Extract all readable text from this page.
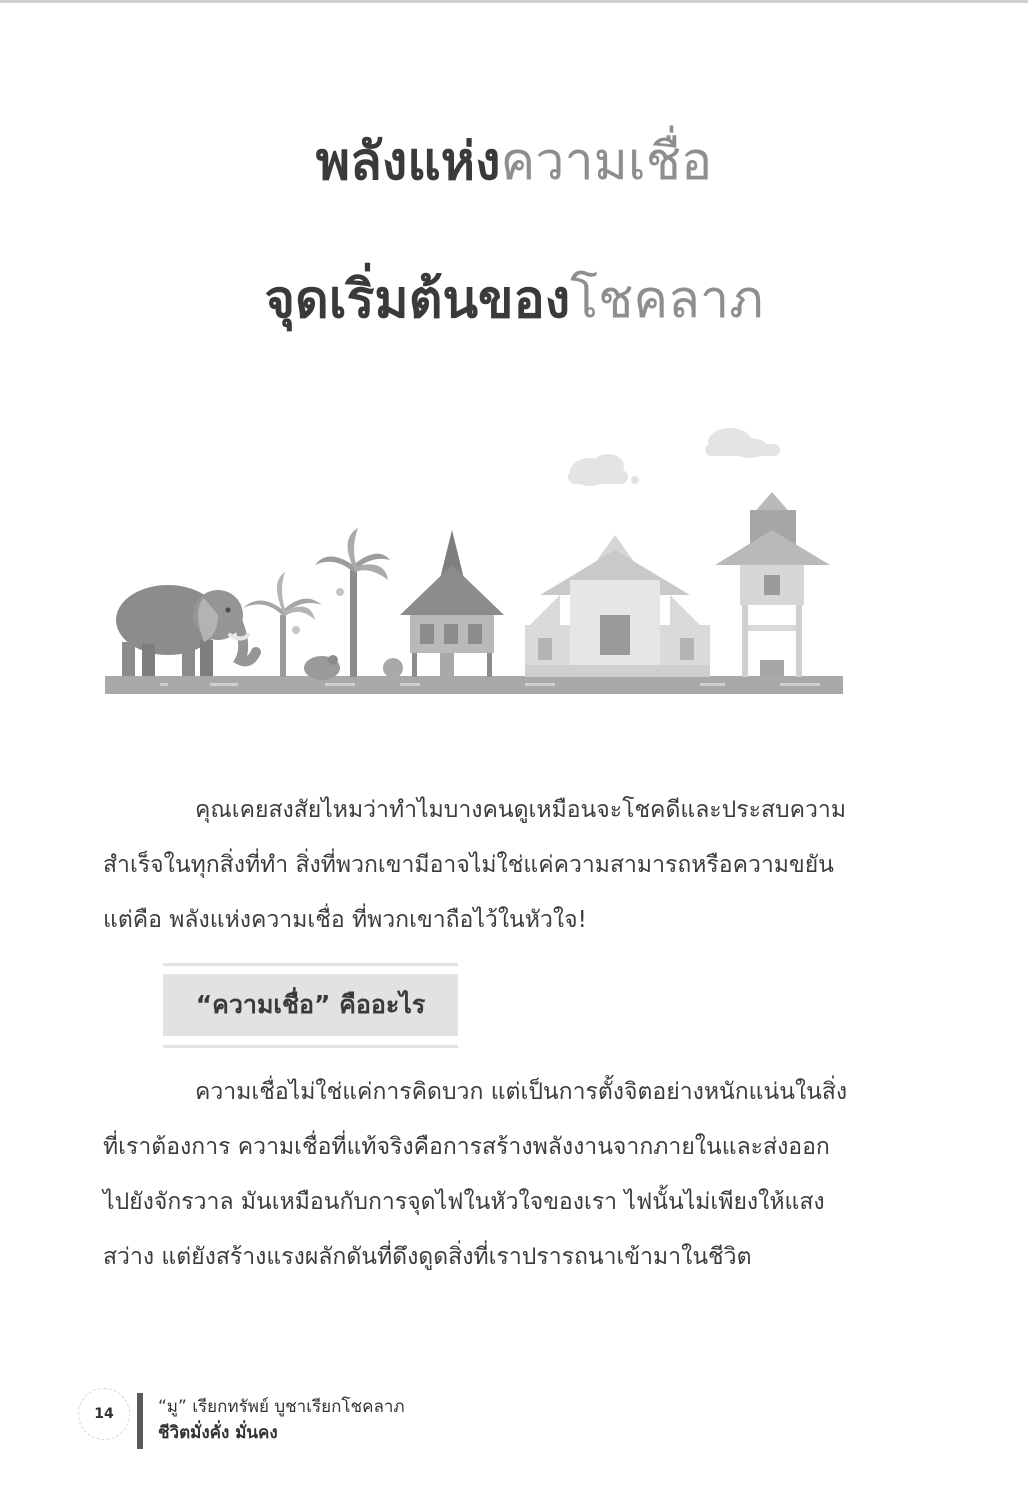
พลังแห่งความเชื่อ
จุดเริ่มต้นของโชคลาภ
คุณเคยสงสัยไหมว่าทำไมบางคนดูเหมือนจะโชคดีและประสบความสำเร็จในทุกสิ่งที่ทำ สิ่งที่พวกเขามีอาจไม่ใช่แค่ความสามารถหรือความขยัน แต่คือ พลังแห่งความเชื่อ ที่พวกเขาถือไว้ในหัวใจ!
“ความเชื่อ” คืออะไร
ความเชื่อไม่ใช่แค่การคิดบวก แต่เป็นการตั้งจิตอย่างหนักแน่นในสิ่งที่เราต้องการ ความเชื่อที่แท้จริงคือการสร้างพลังงานจากภายในและส่งออกไปยังจักรวาล มันเหมือนกับการจุดไฟในหัวใจของเรา ไฟนั้นไม่เพียงให้แสงสว่าง แต่ยังสร้างแรงผลักดันที่ดึงดูดสิ่งที่เราปรารถนาเข้ามาในชีวิต
14	“มู” เรียกทรัพย์ บูชาเรียกโชคลาภ
ชีวิตมั่งคั่ง มั่นคง
